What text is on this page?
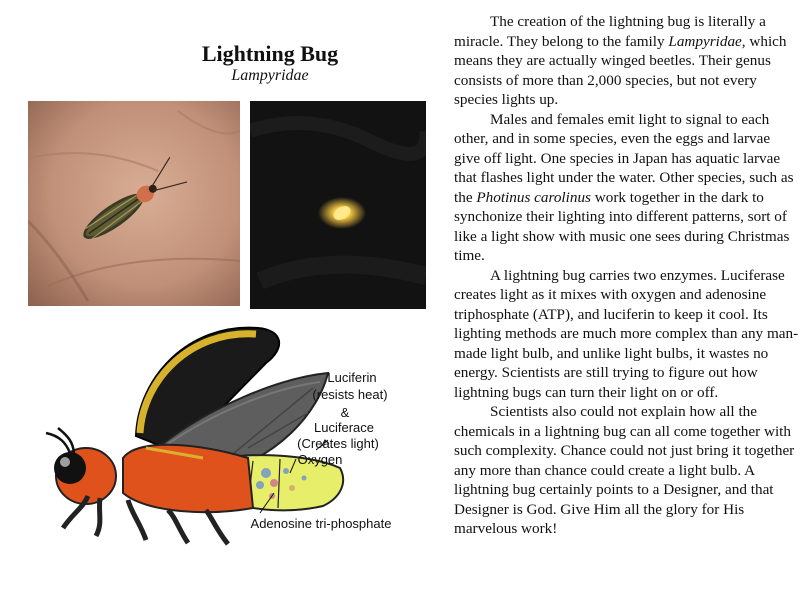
Lightning Bug
Lampyridae
Luciferin
(resists heat)
&
Luciferace
(Creates light)
Oxygen
Adenosine tri-phosphate

The creation of the lightning bug is literally a miracle. They belong to the family Lampyridae, which means they are actually winged beetles. Their genus consists of more than 2,000 species, but not every species lights up.

Males and females emit light to signal to each other, and in some species, even the eggs and larvae give off light. One species in Japan has aquatic larvae that flashes light under the water. Other species, such as the Photinus carolinus work together in the dark to synchonize their lighting into different patterns, sort of like a light show with music one sees during Christmas time.

A lightning bug carries two enzymes. Luciferase creates light as it mixes with oxygen and adenosine triphosphate (ATP), and luciferin to keep it cool. Its lighting methods are much more complex than any man-made light bulb, and unlike light bulbs, it wastes no energy. Scientists are still trying to figure out how lightning bugs can turn their light on or off.

Scientists also could not explain how all the chemicals in a lightning bug can all come together with such complexity. Chance could not just bring it together any more than chance could create a light bulb. A lightning bug certainly points to a Designer, and that Designer is God. Give Him all the glory for His marvelous work!
